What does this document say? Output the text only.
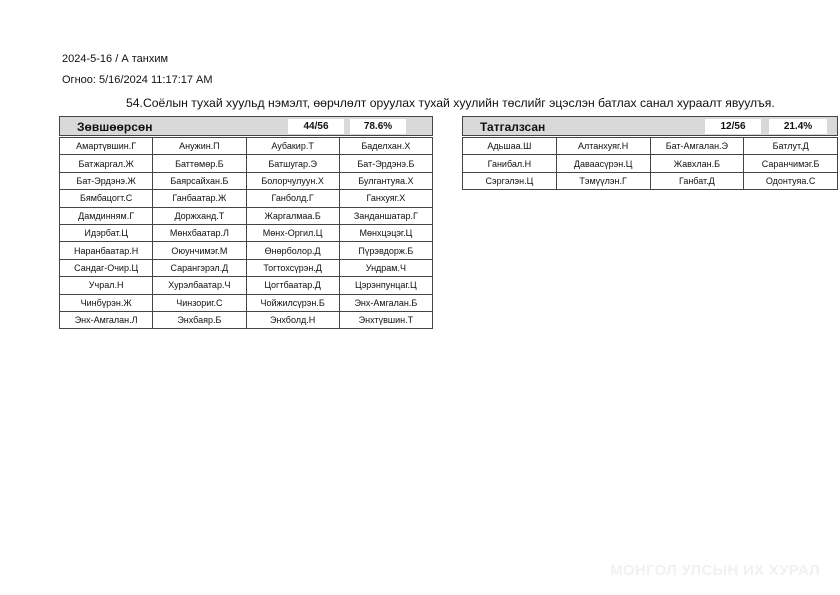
2024-5-16 / А танхим
Огноо: 5/16/2024 11:17:17 AM
54.Соёлын тухай хуульд нэмэлт, өөрчлөлт оруулах тухай хуулийн төслийг эцэслэн батлах санал хураалт явуулъя.
Зөвшөөрсөн	44/56	78.6%
Амартүвшин.Г	Анужин.П	Аубакир.Т	Баделхан.Х
Батжаргал.Ж	Баттөмөр.Б	Батшугар.Э	Бат-Эрдэнэ.Б
Бат-Эрдэнэ.Ж	Баярсайхан.Б	Болорчулуун.Х	Булгантуяа.Х
Бямбацогт.С	Ганбаатар.Ж	Ганболд.Г	Ганхуяг.Х
Дамдинням.Г	Доржханд.Т	Жаргалмаа.Б	Занданшатар.Г
Идэрбат.Ц	Мөнхбаатар.Л	Мөнх-Оргил.Ц	Мөнхцэцэг.Ц
Наранбаатар.Н	Оюунчимэг.М	Өнөрболор.Д	Пүрэвдорж.Б
Сандаг-Очир.Ц	Сарангэрэл.Д	Тогтохсүрэн.Д	Ундрам.Ч
Учрал.Н	Хурэлбаатар.Ч	Цогтбаатар.Д	Цэрэнпунцаг.Ц
Чинбүрэн.Ж	Чинзориг.С	Чойжилсүрэн.Б	Энх-Амгалан.Б
Энх-Амгалан.Л	Энхбаяр.Б	Энхболд.Н	Энхтүвшин.Т
Татгалзсан	12/56	21.4%
Адьшаа.Ш	Алтанхуяг.Н	Бат-Амгалан.Э	Батлут.Д
Ганибал.Н	Даваасүрэн.Ц	Жавхлан.Б	Саранчимэг.Б
Сэргэлэн.Ц	Тэмүүлэн.Г	Ганбат.Д	Одонтуяа.С
МОНГОЛ УЛСЫН ИХ ХУРАЛ
